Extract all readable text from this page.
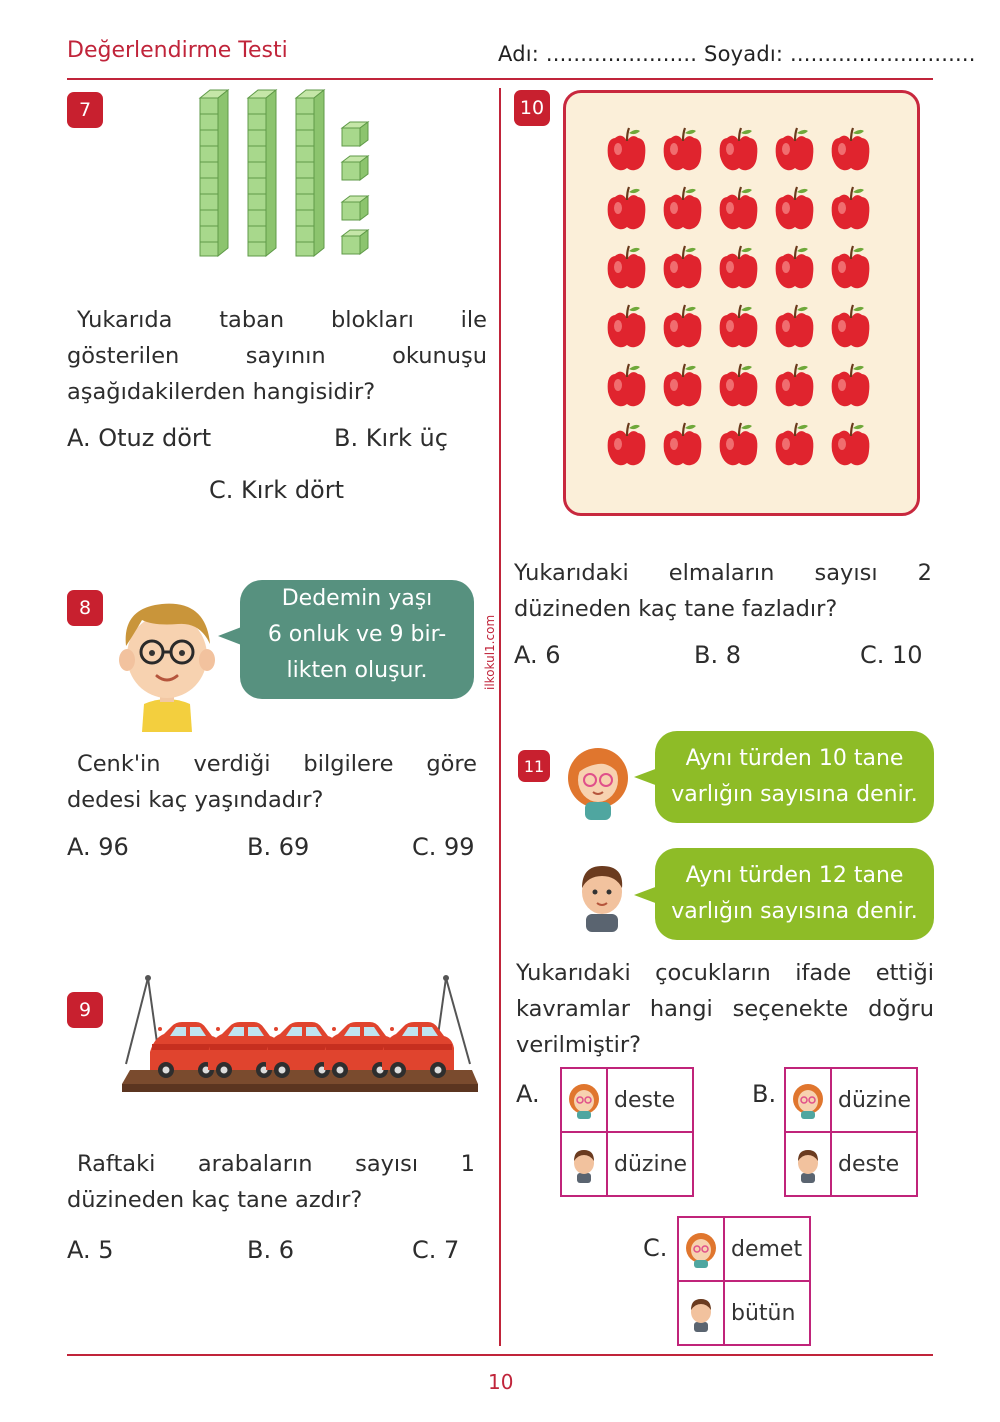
Değerlendirme Testi	Adı: ...................... Soyadı: ...........................
ilkokul1.com
7
Yukarıda taban blokları ile gösterilen sayının okunuşu aşağıdakilerden hangisidir?
A. Otuz dört	B. Kırk üç
C. Kırk dört
8	Dedemin yaşı
6 onluk ve 9 bir-
likten oluşur.
Cenk'in verdiği bilgilere göre dedesi kaç yaşındadır?
A. 96	B. 69	C. 99
9
Raftaki arabaların sayısı 1 düzineden kaç tane azdır?
A. 5	B. 6	C. 7
10
Yukarıdaki elmaların sayısı 2 düzineden kaç tane fazladır?
A. 6	B. 8	C. 10
11	Aynı türden 10 tane
varlığın sayısına denir.
Aynı türden 12 tane
varlığın sayısına denir.
Yukarıdaki çocukların ifade ettiği kavramlar hangi seçenekte doğru verilmiştir?
A.	deste
düzine
B.	düzine
deste
C.	demet
bütün
10
